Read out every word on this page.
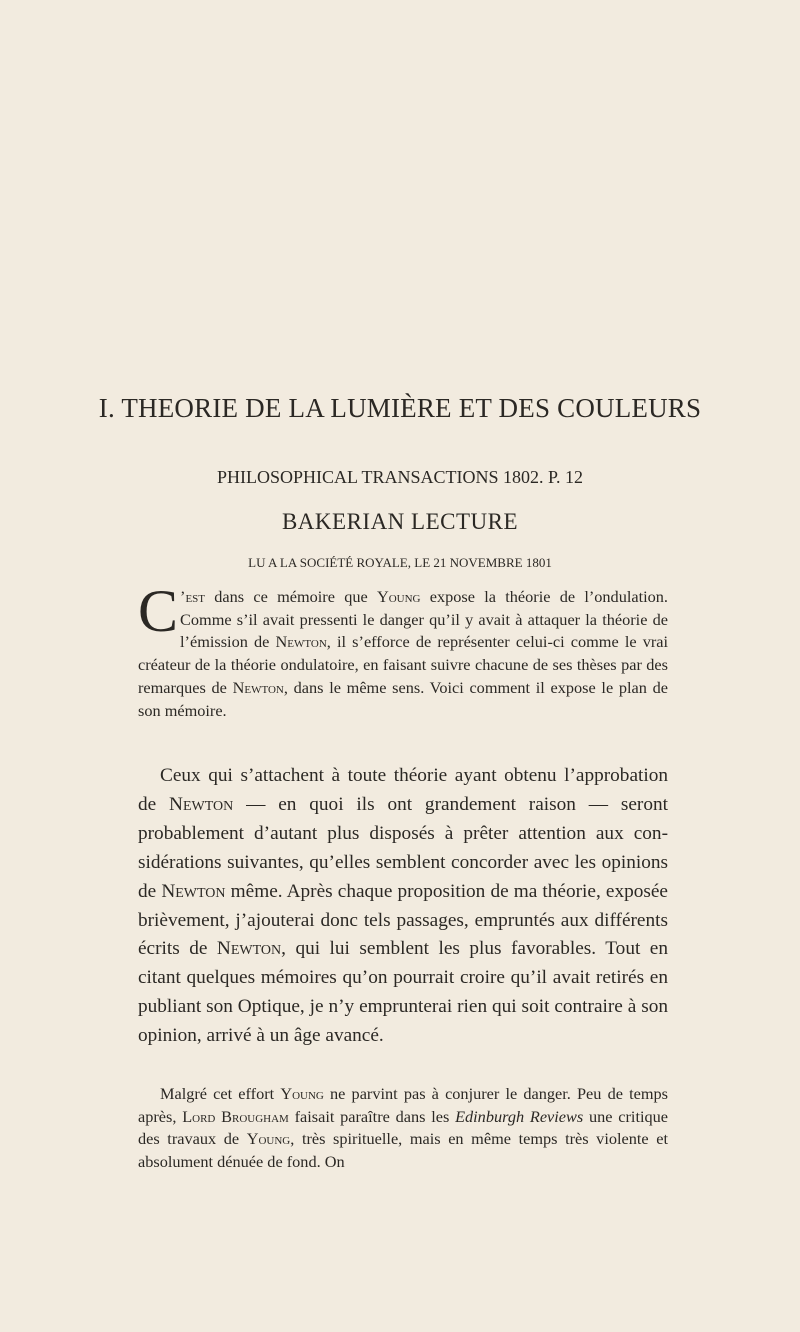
I. THEORIE DE LA LUMIÈRE ET DES COULEURS
PHILOSOPHICAL TRANSACTIONS 1802. P. 12
BAKERIAN LECTURE
LU A LA SOCIÉTÉ ROYALE, LE 21 NOVEMBRE 1801

C ’est dans ce mémoire que Young expose la théorie de l’ondulation. Comme s’il avait pressenti le danger qu’il y avait à attaquer la théorie de l’émission de Newton, il s’efforce de représenter celui-ci comme le vrai créateur de la théorie ondulatoire, en faisant suivre chacune de ses thèses par des remarques de Newton, dans le même sens. Voici comment il expose le plan de son mémoire.

Ceux qui s’attachent à toute théorie ayant obtenu l’approbation de Newton — en quoi ils ont grandement raison — seront probablement d’autant plus disposés à prêter attention aux considérations suivantes, qu’elles semblent concorder avec les opinions de Newton même. Après chaque proposition de ma théorie, exposée brièvement, j’ajouterai donc tels passages, empruntés aux différents écrits de Newton, qui lui semblent les plus favorables. Tout en citant quelques mémoires qu’on pourrait croire qu’il avait retirés en publiant son Optique, je n’y emprunterai rien qui soit contraire à son opinion, arrivé à un âge avancé.

Malgré cet effort Young ne parvint pas à conjurer le danger. Peu de temps après, Lord Brougham faisait paraître dans les Edinburgh Reviews une critique des travaux de Young, très spirituelle, mais en même temps très violente et absolument dénuée de fond. On
